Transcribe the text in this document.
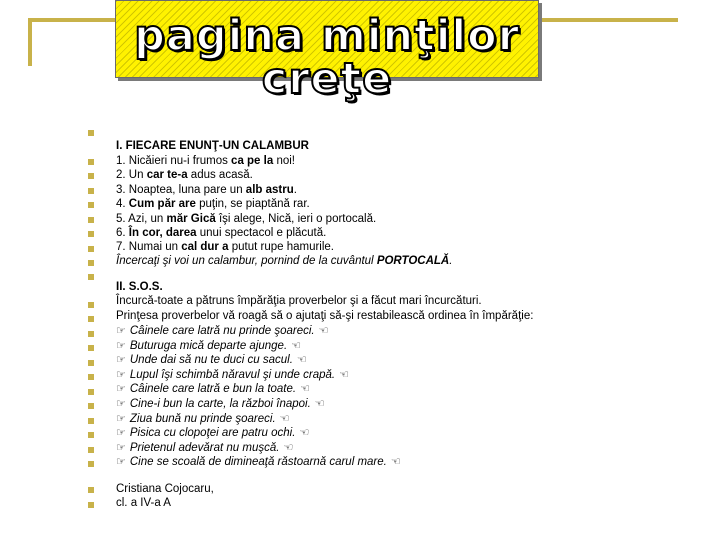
pagina minţilor creţe
I. FIECARE ENUNŢ-UN CALAMBUR
1. Nicăieri nu-i frumos ca pe la noi!
2. Un car te-a adus acasă.
3. Noaptea, luna pare un alb astru.
4. Cum păr are puţin, se piaptănă rar.
5. Azi, un măr Gică îşi alege, Nică, ieri o portocală.
6. În cor, darea unui spectacol e plăcută.
7. Numai un cal dur a putut rupe hamurile.
Încercaţi şi voi un calambur, pornind de la cuvântul PORTOCALĂ.
II. S.O.S.
Încurcă-toate a pătruns împărăţia proverbelor şi a făcut mari încurcături.
Prinţesa proverbelor vă roagă să o ajutaţi să-şi restabilească ordinea în împărăţie:
☞ Câinele care latră nu prinde şoareci. ☜
☞ Buturuga mică departe ajunge. ☜
☞ Unde dai să nu te duci cu sacul. ☜
☞ Lupul îşi schimbă năravul şi unde crapă. ☜
☞ Câinele care latră e bun la toate. ☜
☞ Cine-i bun la carte, la război înapoi. ☜
☞ Ziua bună nu prinde şoareci. ☜
☞ Pisica cu clopoţei are patru ochi. ☜
☞ Prietenul adevărat nu muşcă. ☜
☞ Cine se scoală de dimineaţă răstoarnă carul mare. ☜
Cristiana Cojocaru,
cl. a IV-a A
